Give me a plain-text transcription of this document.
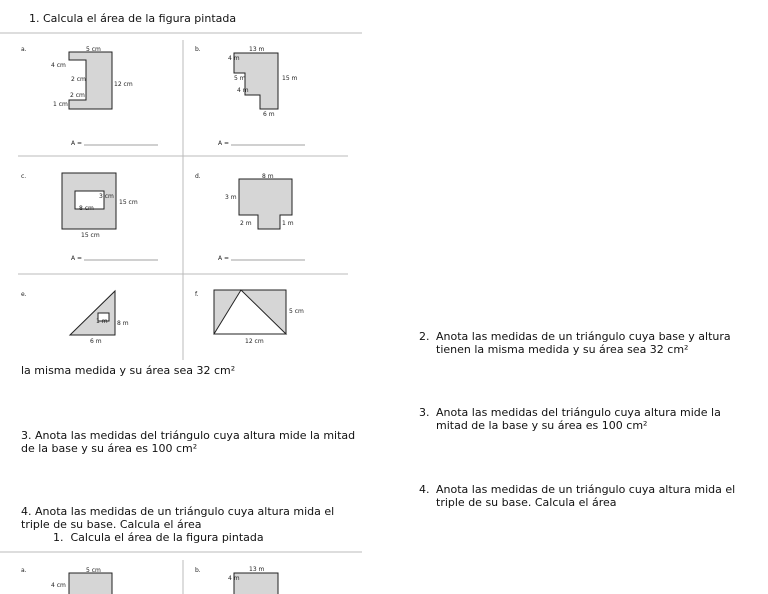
1. Calcula el área de la figura pintada
a.	5 cm
4 cm
2 cm
12 cm
2 cm
1 cm
A =
b.	13 m
4 m
5 m	15 m
4 m
6 m
A =
c.
8 cm
3 cm
15 cm
15 cm
A =
d.	8 m
3 m
2 m	1 m
A =
e.
1 m 8 m
6 m
f.
5 cm
12 cm
a.	5 cm
4 cm
b.	13 m
4 m
la misma medida y su área sea 32 cm²
3. Anota las medidas del triángulo cuya altura mide la mitad de la base y su área es 100 cm²
4. Anota las medidas de un triángulo cuya altura mida el triple de su base. Calcula el área
1. Calcula el área de la figura pintada
2. Anota las medidas de un triángulo cuya base y altura tienen la misma medida y su área sea 32 cm²
3. Anota las medidas del triángulo cuya altura mide la mitad de la base y su área es 100 cm²
4. Anota las medidas de un triángulo cuya altura mida el triple de su base. Calcula el área
